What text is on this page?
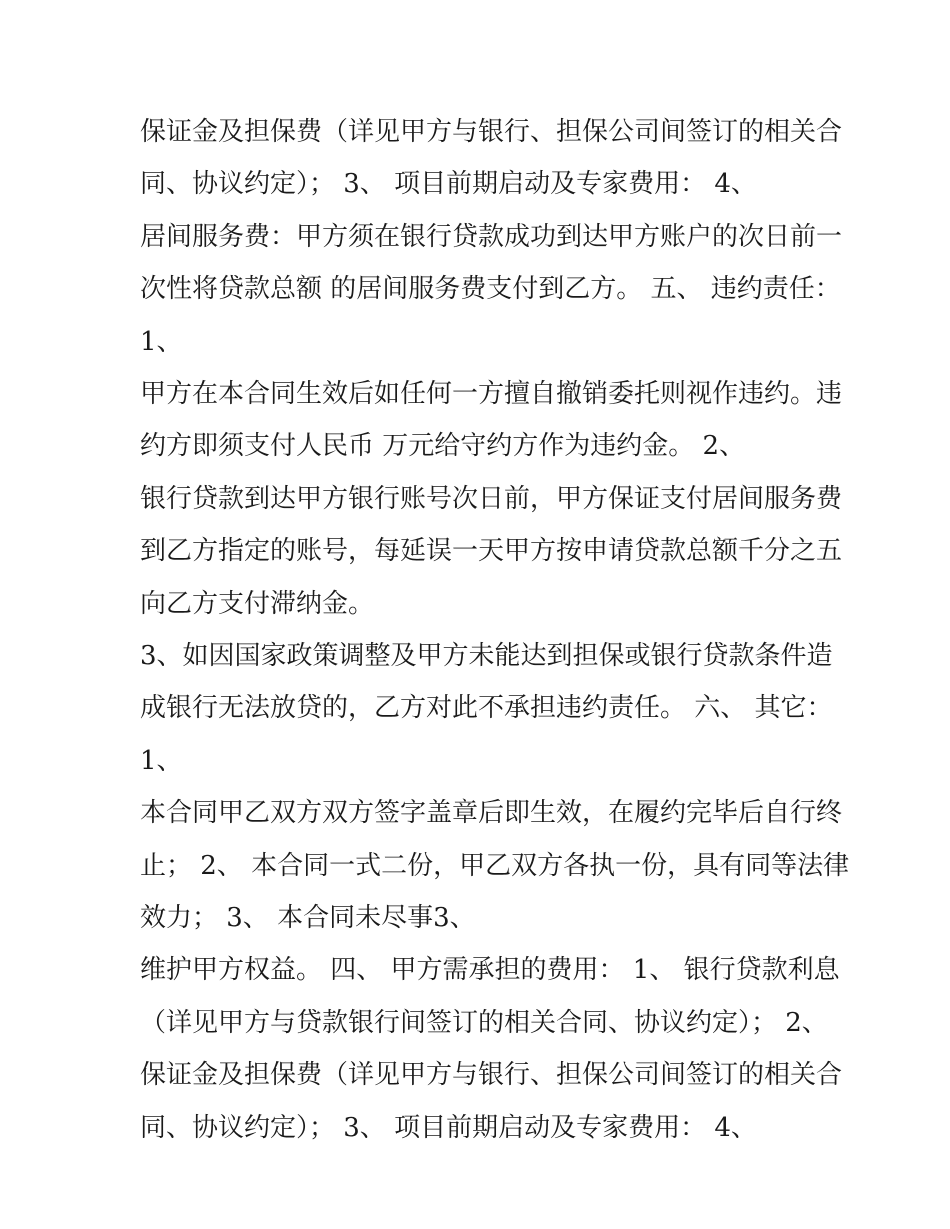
保证金及担保费（详见甲方与银行、担保公司间签订的相关合
同、协议约定）； 3、 项目前期启动及专家费用： 4、
居间服务费：甲方须在银行贷款成功到达甲方账户的次日前一
次性将贷款总额 的居间服务费支付到乙方。 五、 违约责任：
1、
甲方在本合同生效后如任何一方擅自撤销委托则视作违约。违
约方即须支付人民币 万元给守约方作为违约金。 2、
银行贷款到达甲方银行账号次日前，甲方保证支付居间服务费
到乙方指定的账号，每延误一天甲方按申请贷款总额千分之五
向乙方支付滞纳金。
3、如因国家政策调整及甲方未能达到担保或银行贷款条件造
成银行无法放贷的，乙方对此不承担违约责任。 六、 其它：
1、
本合同甲乙双方双方签字盖章后即生效，在履约完毕后自行终
止； 2、 本合同一式二份，甲乙双方各执一份，具有同等法律
效力； 3、 本合同未尽事3、
维护甲方权益。 四、 甲方需承担的费用： 1、 银行贷款利息
（详见甲方与贷款银行间签订的相关合同、协议约定）； 2、
保证金及担保费（详见甲方与银行、担保公司间签订的相关合
同、协议约定）； 3、 项目前期启动及专家费用： 4、
